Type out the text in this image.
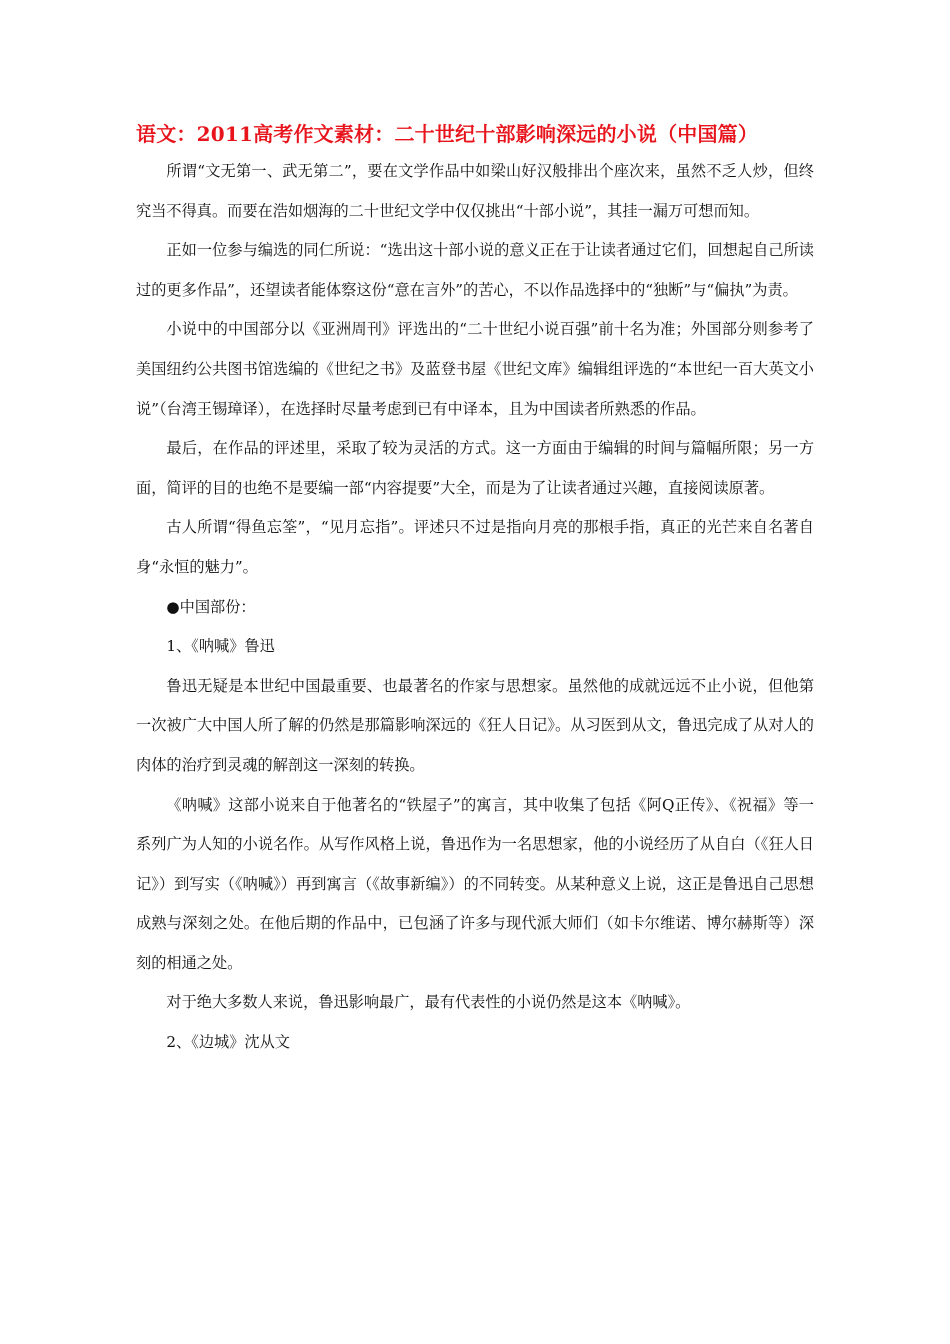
语文：2011高考作文素材：二十世纪十部影响深远的小说（中国篇）

所谓“文无第一、武无第二”，要在文学作品中如梁山好汉般排出个座次来，虽然不乏人炒，但终究当不得真。而要在浩如烟海的二十世纪文学中仅仅挑出“十部小说”，其挂一漏万可想而知。

正如一位参与编选的同仁所说：“选出这十部小说的意义正在于让读者通过它们，回想起自己所读过的更多作品”，还望读者能体察这份“意在言外”的苦心，不以作品选择中的“独断”与“偏执”为责。

小说中的中国部分以《亚洲周刊》评选出的“二十世纪小说百强”前十名为准；外国部分则参考了美国纽约公共图书馆选编的《世纪之书》及蓝登书屋《世纪文库》编辑组评选的“本世纪一百大英文小说”（台湾王锡璋译），在选择时尽量考虑到已有中译本，且为中国读者所熟悉的作品。

最后，在作品的评述里，采取了较为灵活的方式。这一方面由于编辑的时间与篇幅所限；另一方面，简评的目的也绝不是要编一部“内容提要”大全，而是为了让读者通过兴趣，直接阅读原著。

古人所谓“得鱼忘筌”，“见月忘指”。评述只不过是指向月亮的那根手指，真正的光芒来自名著自身“永恒的魅力”。

●中国部份：

1、《呐喊》鲁迅

鲁迅无疑是本世纪中国最重要、也最著名的作家与思想家。虽然他的成就远远不止小说，但他第一次被广大中国人所了解的仍然是那篇影响深远的《狂人日记》。从习医到从文，鲁迅完成了从对人的肉体的治疗到灵魂的解剖这一深刻的转换。

《呐喊》这部小说来自于他著名的“铁屋子”的寓言，其中收集了包括《阿Q正传》、《祝福》等一系列广为人知的小说名作。从写作风格上说，鲁迅作为一名思想家，他的小说经历了从自白（《狂人日记》）到写实（《呐喊》）再到寓言（《故事新编》）的不同转变。从某种意义上说，这正是鲁迅自己思想成熟与深刻之处。在他后期的作品中，已包涵了许多与现代派大师们（如卡尔维诺、博尔赫斯等）深刻的相通之处。

对于绝大多数人来说，鲁迅影响最广，最有代表性的小说仍然是这本《呐喊》。

2、《边城》沈从文
